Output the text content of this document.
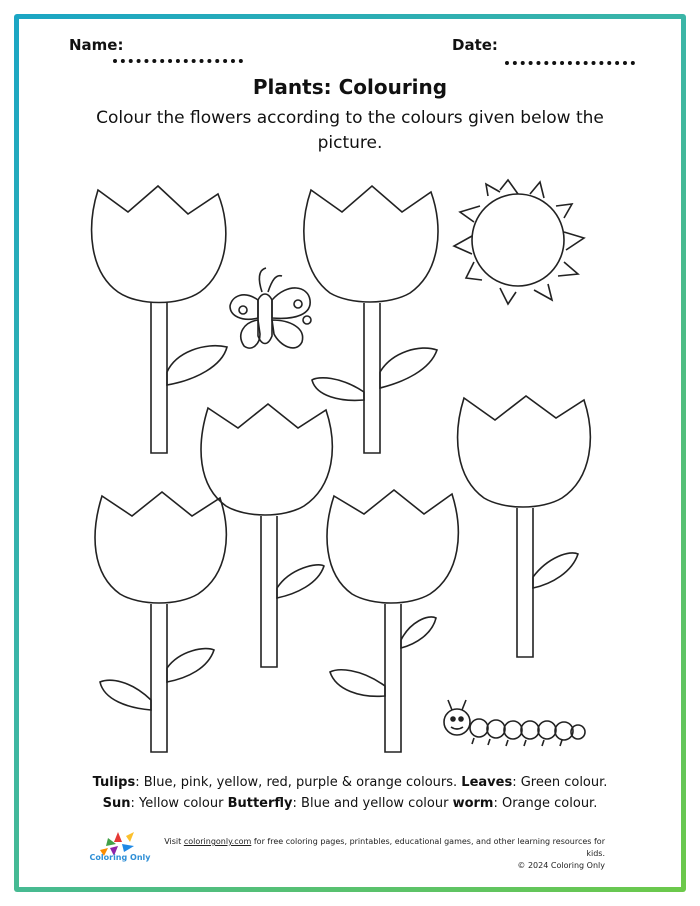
Name:	Date:
Plants: Colouring
Colour the flowers according to the colours given below the picture.
Tulips: Blue, pink, yellow, red, purple & orange colours. Leaves: Green colour.
Sun: Yellow colour Butterfly: Blue and yellow colour worm: Orange colour.
Coloring Only
Visit coloringonly.com for free coloring pages, printables, educational games, and other learning resources for kids.
© 2024 Coloring Only
